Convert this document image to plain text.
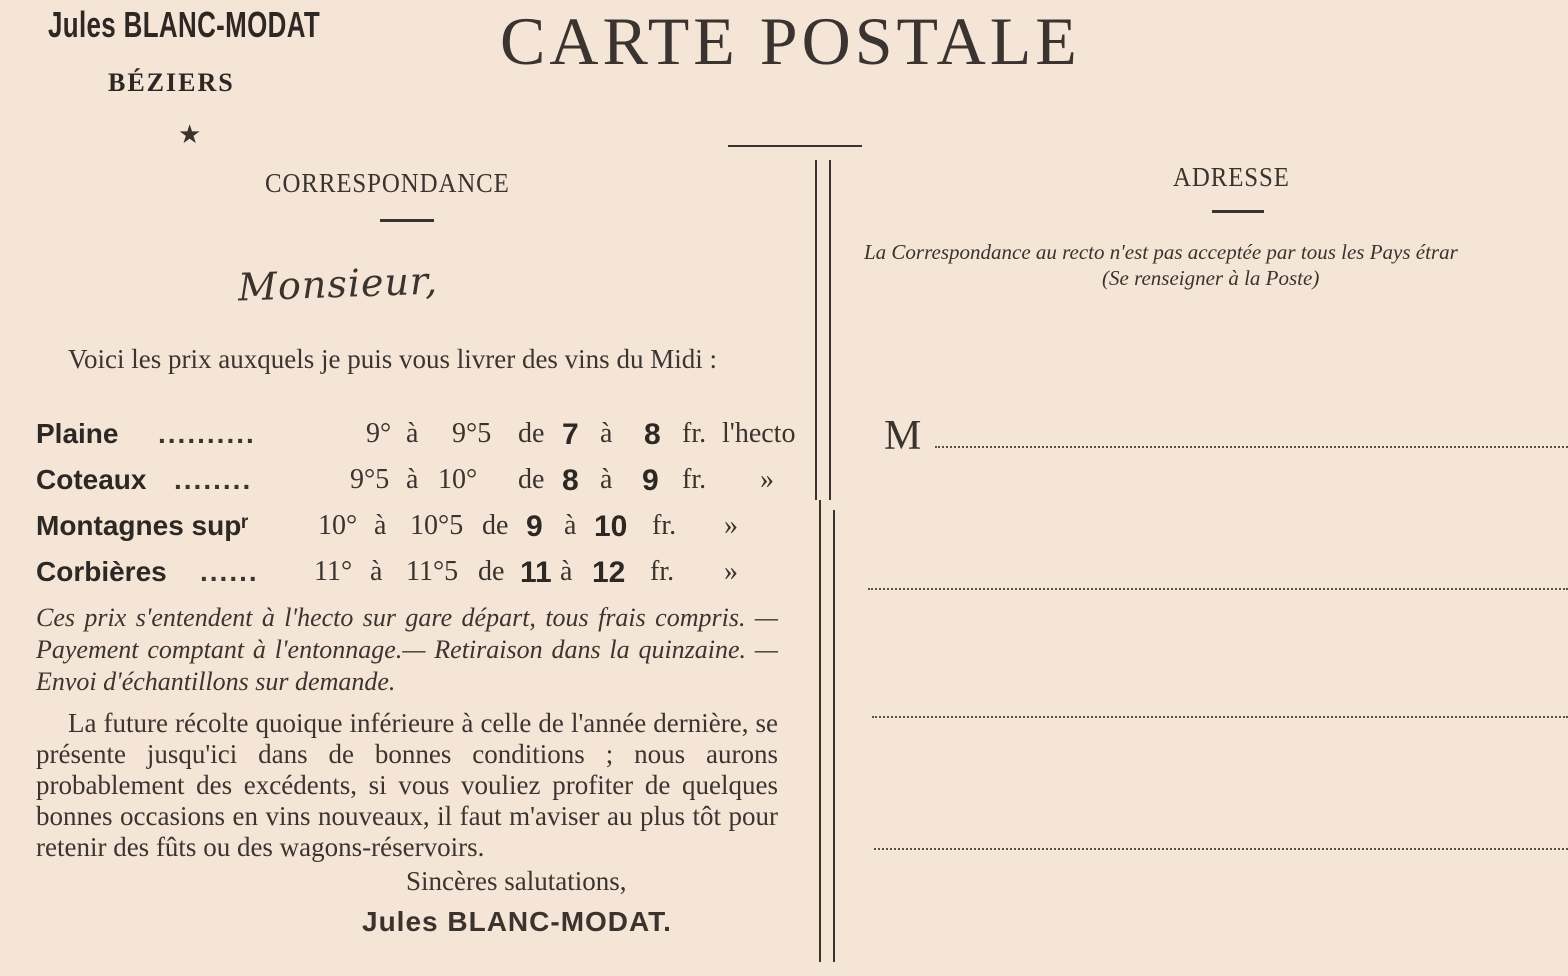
Jules BLANC-MODAT
BÉZIERS
★
CARTE POSTALE
CORRESPONDANCE
Monsieur,
Voici les prix auxquels je puis vous livrer des vins du Midi :
Plaine ..........	9° à 9°5 de 7 à 8 fr. l'hecto
Coteaux ........	9°5 à 10° de 8 à 9 fr. »
Montagnes supʳ 10° à 10°5 de 9 à 10 fr. »
Corbières ...... 11° à 11°5 de 11 à 12 fr. »
Ces prix s'entendent à l'hecto sur gare départ, tous frais compris. — Payement comptant à l'entonnage.— Retiraison dans la quinzaine. — Envoi d'échantillons sur demande.
La future récolte quoique inférieure à celle de l'année dernière, se présente jusqu'ici dans de bonnes conditions ; nous aurons probablement des excédents, si vous vouliez profiter de quelques bonnes occasions en vins nouveaux, il faut m'aviser au plus tôt pour retenir des fûts ou des wagons-réservoirs.
Sincères salutations,
Jules BLANC-MODAT.
ADRESSE
La Correspondance au recto n'est pas acceptée par tous les Pays étrar
(Se renseigner à la Poste)
M
